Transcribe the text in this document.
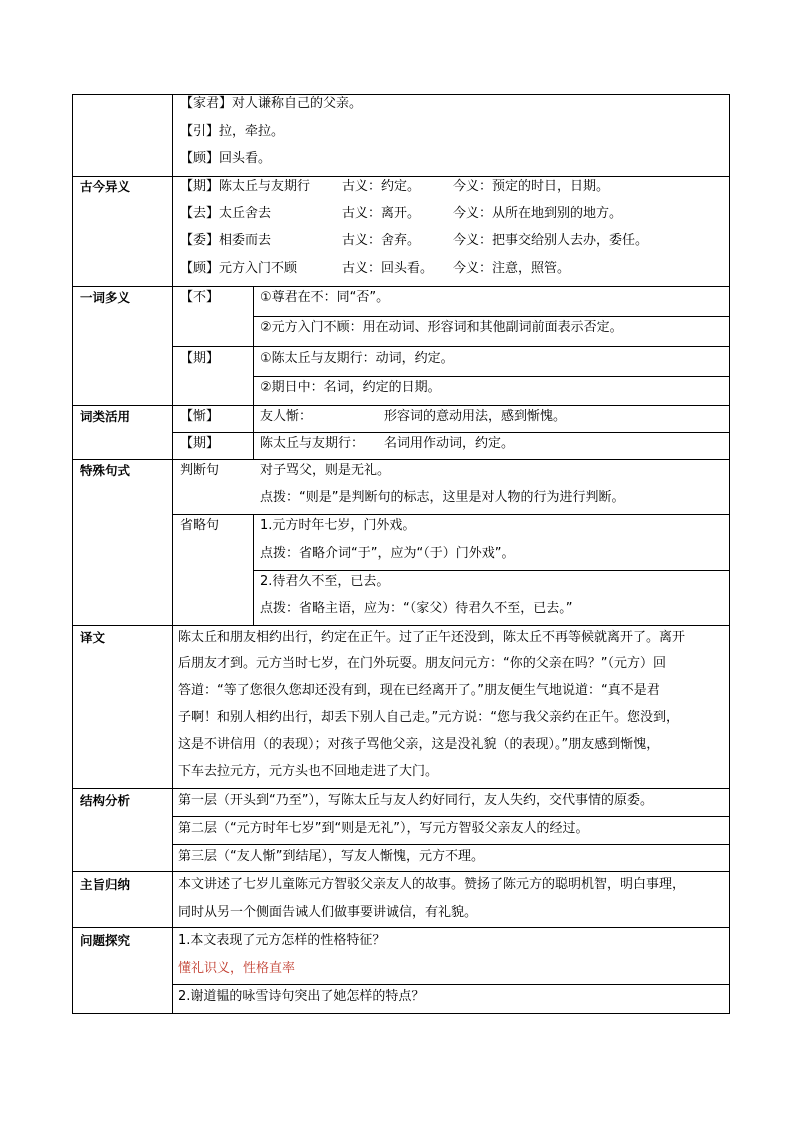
【家君】对人谦称自己的父亲。
【引】拉，牵拉。
【顾】回头看。
古今异义	【期】陈太丘与友期行 古义：约定。	今义：预定的时日，日期。
【去】太丘舍去	古义：离开。	今义：从所在地到别的地方。
【委】相委而去	古义：舍弃。	今义：把事交给别人去办，委任。
【顾】元方入门不顾	古义：回头看。 今义：注意，照管。
一词多义	【不】	①尊君在不：同“否”。
②元方入门不顾：用在动词、形容词和其他副词前面表示否定。
【期】	①陈太丘与友期行：动词，约定。
②期日中：名词，约定的日期。
词类活用	【惭】	友人惭：	形容词的意动用法，感到惭愧。
【期】	陈太丘与友期行： 名词用作动词，约定。
特殊句式	判断句	对子骂父，则是无礼。
点拨：“则是”是判断句的标志，这里是对人物的行为进行判断。
省略句	1.元方时年七岁，门外戏。
点拨：省略介词“于”，应为“（于）门外戏”。
2.待君久不至，已去。
点拨：省略主语，应为：“（家父）待君久不至，已去。”
译文	陈太丘和朋友相约出行，约定在正午。过了正午还没到，陈太丘不再等候就离开了。离开
后朋友才到。元方当时七岁，在门外玩耍。朋友问元方：“你的父亲在吗？”（元方）回
答道：“等了您很久您却还没有到，现在已经离开了。”朋友便生气地说道：“真不是君
子啊！和别人相约出行，却丢下别人自己走。”元方说：“您与我父亲约在正午。您没到，
这是不讲信用（的表现）；对孩子骂他父亲，这是没礼貌（的表现）。”朋友感到惭愧，
下车去拉元方，元方头也不回地走进了大门。
结构分析	第一层（开头到“乃至”），写陈太丘与友人约好同行，友人失约，交代事情的原委。
第二层（“元方时年七岁”到“则是无礼”），写元方智驳父亲友人的经过。
第三层（“友人惭”到结尾），写友人惭愧，元方不理。
主旨归纳	本文讲述了七岁儿童陈元方智驳父亲友人的故事。赞扬了陈元方的聪明机智，明白事理，
同时从另一个侧面告诫人们做事要讲诚信，有礼貌。
问题探究	1.本文表现了元方怎样的性格特征？
懂礼识义，性格直率
2.谢道韫的咏雪诗句突出了她怎样的特点？
